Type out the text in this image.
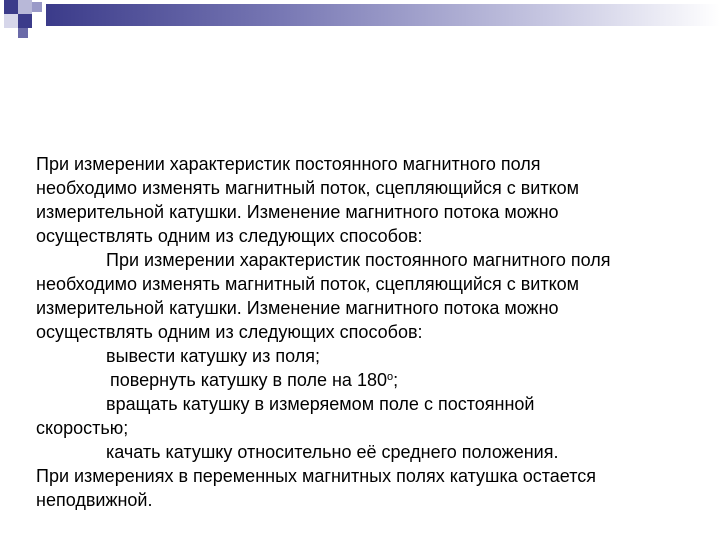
При измерении характеристик постоянного магнитного поля
необходимо изменять магнитный поток, сцепляющийся с витком
измерительной катушки. Изменение магнитного потока можно
осуществлять одним из следующих способов:
При измерении характеристик постоянного магнитного поля
необходимо изменять магнитный поток, сцепляющийся с витком
измерительной катушки. Изменение магнитного потока можно
осуществлять одним из следующих способов:
вывести катушку из поля;
повернуть катушку в поле на 180$^o$;
вращать катушку в измеряемом поле с постоянной
скоростью;
качать катушку относительно её среднего положения.
При измерениях в переменных магнитных полях катушка остается
неподвижной.
